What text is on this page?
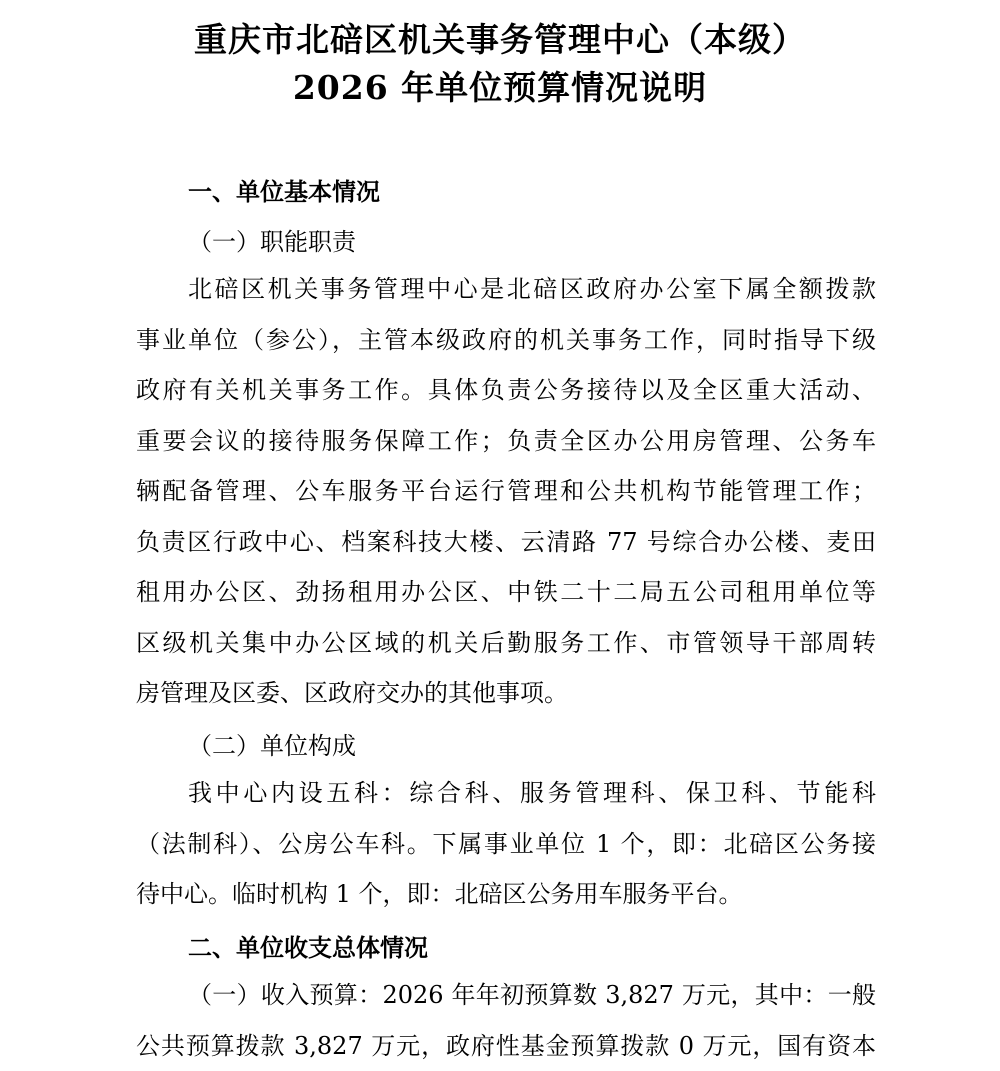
重庆市北碚区机关事务管理中心（本级）
2026 年单位预算情况说明
一、单位基本情况
（一）职能职责
北碚区机关事务管理中心是北碚区政府办公室下属全额拨款
事业单位（参公），主管本级政府的机关事务工作，同时指导下级
政府有关机关事务工作。具体负责公务接待以及全区重大活动、
重要会议的接待服务保障工作；负责全区办公用房管理、公务车
辆配备管理、公车服务平台运行管理和公共机构节能管理工作；
负责区行政中心、档案科技大楼、云清路 77 号综合办公楼、麦田
租用办公区、劲扬租用办公区、中铁二十二局五公司租用单位等
区级机关集中办公区域的机关后勤服务工作、市管领导干部周转
房管理及区委、区政府交办的其他事项。
（二）单位构成
我中心内设五科：综合科、服务管理科、保卫科、节能科
（法制科）、公房公车科。下属事业单位 1 个，即：北碚区公务接
待中心。临时机构 1 个，即：北碚区公务用车服务平台。
二、单位收支总体情况
（一）收入预算：2026 年年初预算数 3,827 万元，其中：一般
公共预算拨款 3,827 万元，政府性基金预算拨款 0 万元，国有资本
